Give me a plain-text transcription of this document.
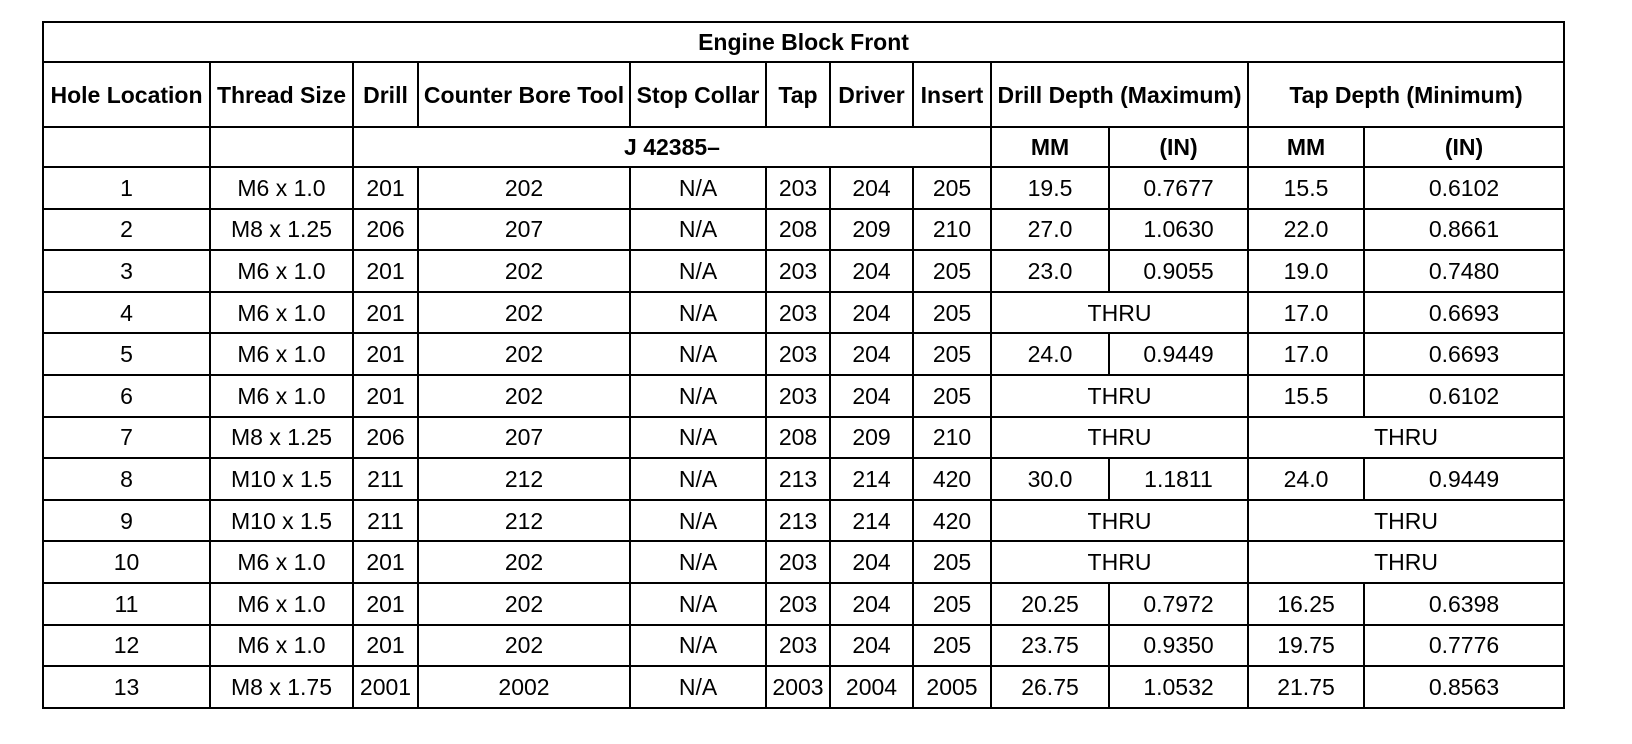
Engine Block Front											
Hole Location	Thread Size	Drill	Counter Bore Tool	Stop Collar	Tap	Driver	Insert	Drill Depth (Maximum)		Tap Depth (Minimum)	
		J 42385–						MM	(IN)	MM	(IN)
1	M6 x 1.0	201	202	N/A	203	204	205	19.5	0.7677	15.5	0.6102
2	M8 x 1.25	206	207	N/A	208	209	210	27.0	1.0630	22.0	0.8661
3	M6 x 1.0	201	202	N/A	203	204	205	23.0	0.9055	19.0	0.7480
4	M6 x 1.0	201	202	N/A	203	204	205	THRU		17.0	0.6693
5	M6 x 1.0	201	202	N/A	203	204	205	24.0	0.9449	17.0	0.6693
6	M6 x 1.0	201	202	N/A	203	204	205	THRU		15.5	0.6102
7	M8 x 1.25	206	207	N/A	208	209	210	THRU		THRU	
8	M10 x 1.5	211	212	N/A	213	214	420	30.0	1.1811	24.0	0.9449
9	M10 x 1.5	211	212	N/A	213	214	420	THRU		THRU	
10	M6 x 1.0	201	202	N/A	203	204	205	THRU		THRU	
11	M6 x 1.0	201	202	N/A	203	204	205	20.25	0.7972	16.25	0.6398
12	M6 x 1.0	201	202	N/A	203	204	205	23.75	0.9350	19.75	0.7776
13	M8 x 1.75	2001	2002	N/A	2003	2004	2005	26.75	1.0532	21.75	0.8563
